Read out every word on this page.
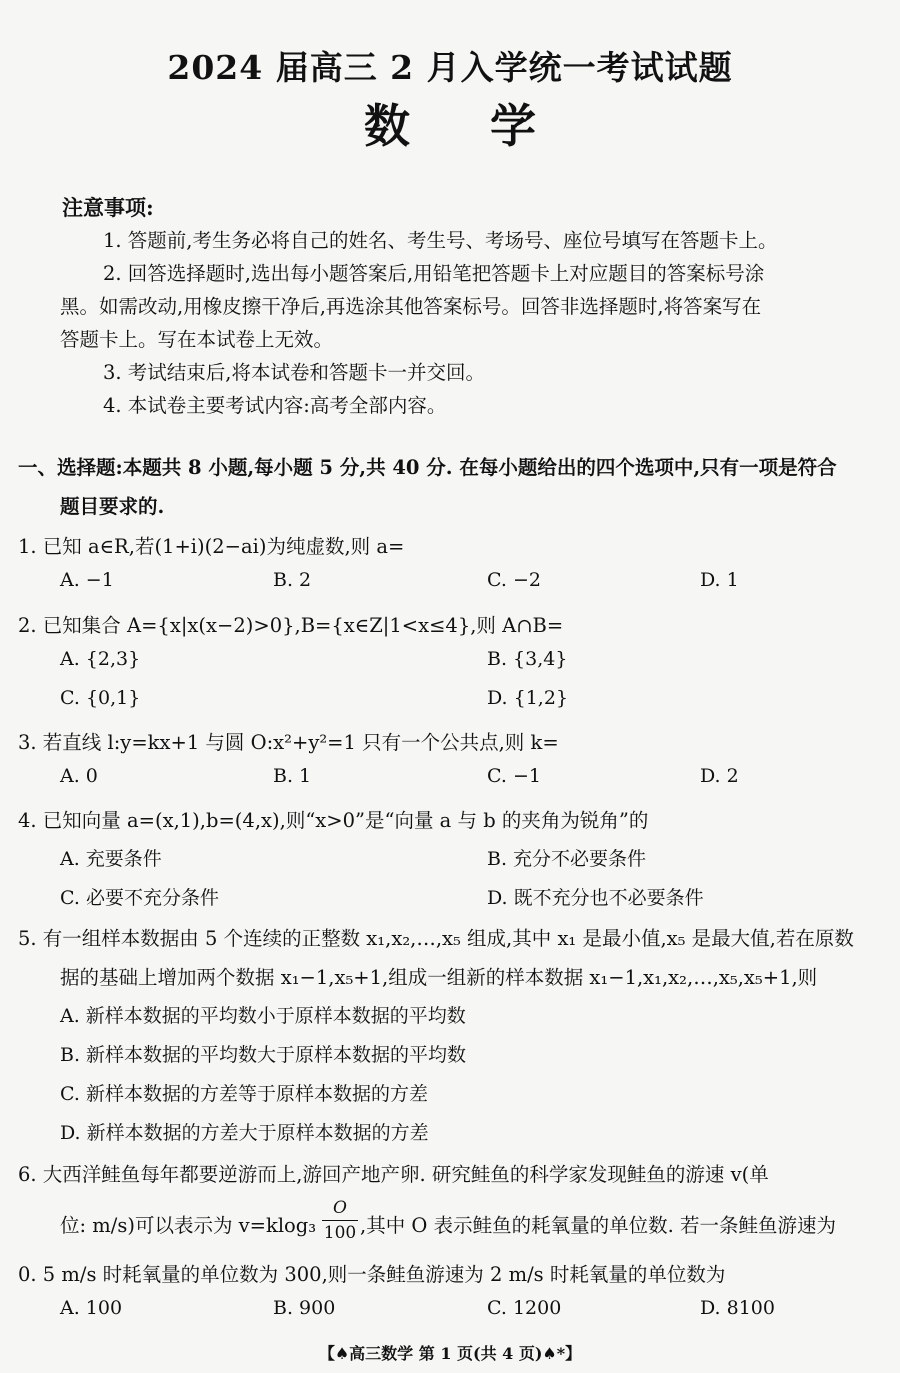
2024 届高三 2 月入学统一考试试题
数学
注意事项:
1. 答题前,考生务必将自己的姓名、考生号、考场号、座位号填写在答题卡上。
2. 回答选择题时,选出每小题答案后,用铅笔把答题卡上对应题目的答案标号涂
黑。如需改动,用橡皮擦干净后,再选涂其他答案标号。回答非选择题时,将答案写在
答题卡上。写在本试卷上无效。
3. 考试结束后,将本试卷和答题卡一并交回。
4. 本试卷主要考试内容:高考全部内容。
一、选择题:本题共 8 小题,每小题 5 分,共 40 分. 在每小题给出的四个选项中,只有一项是符合
题目要求的.
1. 已知 a∈R,若(1+i)(2−ai)为纯虚数,则 a=
A. −1	B. 2	C. −2	D. 1
2. 已知集合 A={x|x(x−2)>0},B={x∈Z|1<x≤4},则 A∩B=
A. {2,3}	B. {3,4}
C. {0,1}	D. {1,2}
3. 若直线 l:y=kx+1 与圆 O:x²+y²=1 只有一个公共点,则 k=
A. 0	B. 1	C. −1	D. 2
4. 已知向量 a=(x,1),b=(4,x),则“x>0”是“向量 a 与 b 的夹角为锐角”的
A. 充要条件	B. 充分不必要条件
C. 必要不充分条件	D. 既不充分也不必要条件
5. 有一组样本数据由 5 个连续的正整数 x₁,x₂,…,x₅ 组成,其中 x₁ 是最小值,x₅ 是最大值,若在原数
据的基础上增加两个数据 x₁−1,x₅+1,组成一组新的样本数据 x₁−1,x₁,x₂,…,x₅,x₅+1,则
A. 新样本数据的平均数小于原样本数据的平均数
B. 新样本数据的平均数大于原样本数据的平均数
C. 新样本数据的方差等于原样本数据的方差
D. 新样本数据的方差大于原样本数据的方差
6. 大西洋鲑鱼每年都要逆游而上,游回产地产卵. 研究鲑鱼的科学家发现鲑鱼的游速 v(单
位: m/s)可以表示为 $v=klog_3 \frac{O}{100}$ ,其中 O 表示鲑鱼的耗氧量的单位数. 若一条鲑鱼游速为
0. 5 m/s 时耗氧量的单位数为 300,则一条鲑鱼游速为 2 m/s 时耗氧量的单位数为
A. 100	B. 900	C. 1200	D. 8100
【♠高三数学 第 1 页(共 4 页)♠*】
